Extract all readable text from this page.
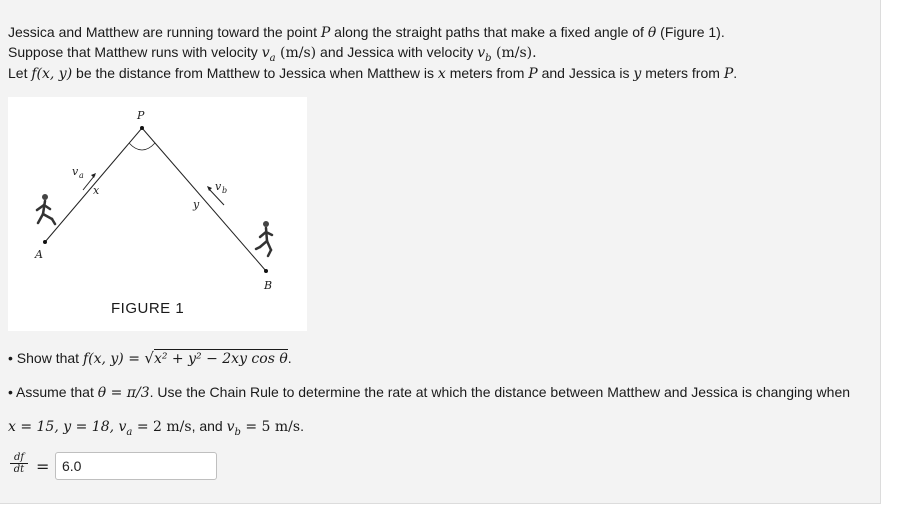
Jessica and Matthew are running toward the point P along the straight paths that make a fixed angle of θ (Figure 1).
Suppose that Matthew runs with velocity $v_a$ (m/s) and Jessica with velocity $v_b$ (m/s).
Let f(x, y) be the distance from Matthew to Jessica when Matthew is x meters from P and Jessica is y meters from P.
P
A
B
x
y
v a
v b
FIGURE 1
• Show that f(x, y) = √x² + y² − 2xy cos θ.
• Assume that θ = π/3. Use the Chain Rule to determine the rate at which the distance between Matthew and Jessica is changing when
x = 15, y = 18, $v_a = 2$ m/s, and $v_b = 5$ m/s.
$\frac{df}{dt}$ =
6.0
